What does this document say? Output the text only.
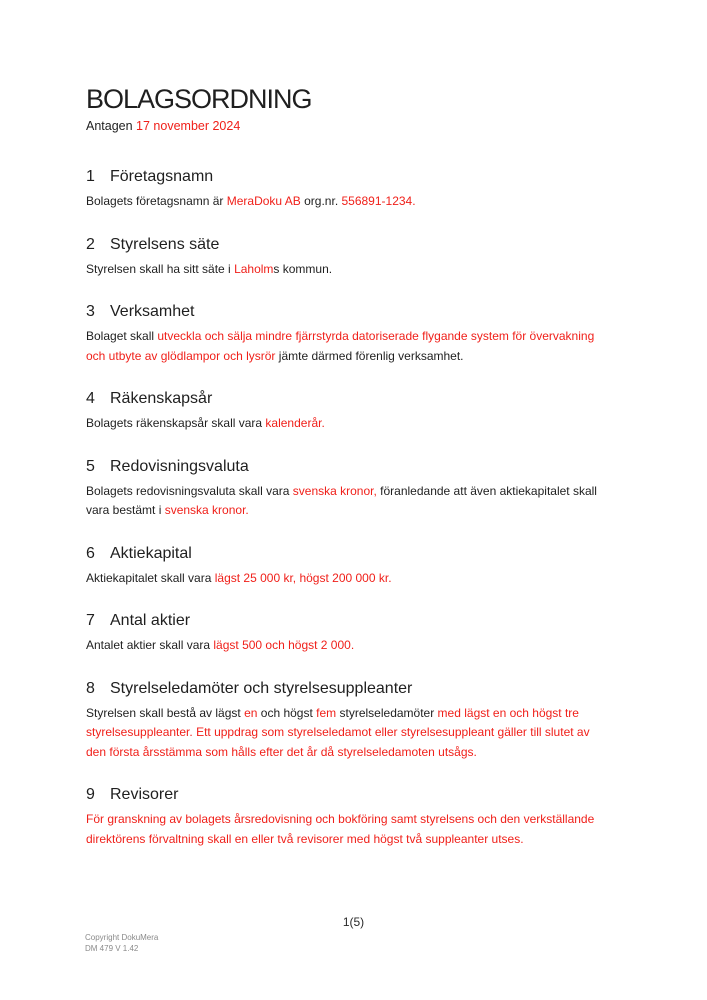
BOLAGSORDNING
Antagen 17 november 2024
1 Företagsnamn

Bolagets företagsnamn är MeraDoku AB org.nr. 556891-1234.

2 Styrelsens säte

Styrelsen skall ha sitt säte i Laholms kommun.

3 Verksamhet

Bolaget skall utveckla och sälja mindre fjärrstyrda datoriserade flygande system för övervakning
och utbyte av glödlampor och lysrör jämte därmed förenlig verksamhet.

4 Räkenskapsår

Bolagets räkenskapsår skall vara kalenderår.

5 Redovisningsvaluta

Bolagets redovisningsvaluta skall vara svenska kronor, föranledande att även aktiekapitalet skall
vara bestämt i svenska kronor.

6 Aktiekapital

Aktiekapitalet skall vara lägst 25 000 kr, högst 200 000 kr.

7 Antal aktier

Antalet aktier skall vara lägst 500 och högst 2 000.

8 Styrelseledamöter och styrelsesuppleanter

Styrelsen skall bestå av lägst en och högst fem styrelseledamöter med lägst en och högst tre
styrelsesuppleanter. Ett uppdrag som styrelseledamot eller styrelsesuppleant gäller till slutet av
den första årsstämma som hålls efter det år då styrelseledamoten utsågs.

9 Revisorer

För granskning av bolagets årsredovisning och bokföring samt styrelsens och den verkställande
direktörens förvaltning skall en eller två revisorer med högst två suppleanter utses.

1(5)
Copyright DokuMera
DM 479 V 1.42
